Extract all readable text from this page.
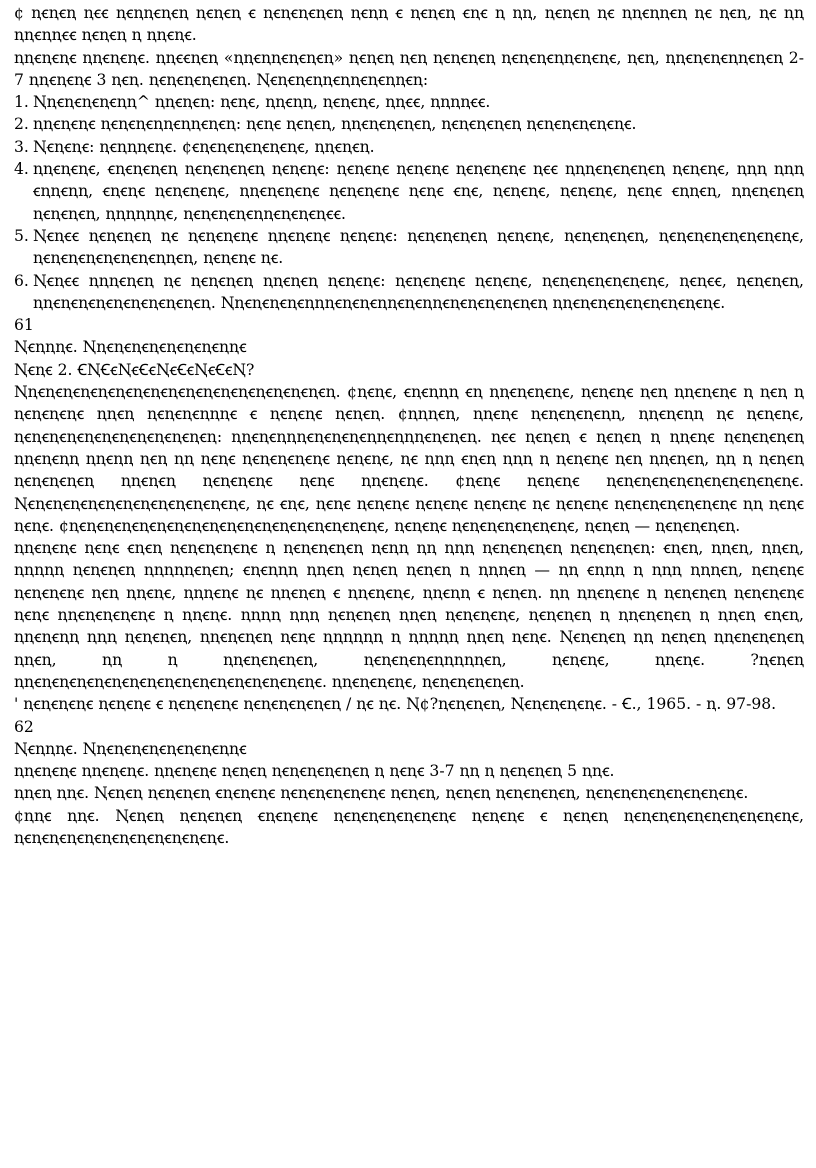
¢ ꞑꞓꞑꞓꞑ ꞑꞓꞓ ꞑꞓꞑꞑꞓꞑꞓꞑ ꞑꞓꞑꞓꞑ ꞓ ꞑꞓꞑꞓꞑꞓꞑꞓꞑ ꞑꞓꞑꞑ ꞓ ꞑꞓꞑꞓꞑ ꞓꞑꞓ ꞑ ꞑꞑ, ꞑꞓꞑꞓꞑ ꞑꞓ ꞑꞑꞓꞑꞑꞓꞑ ꞑꞓ ꞑꞓꞑ, ꞑꞓ ꞑꞑ ꞑꞑꞓꞑꞑꞓꞓ ꞑꞓꞑꞓꞑ ꞑ ꞑꞑꞓꞑꞓ.

ꞑꞑꞓꞑꞓꞑꞓ ꞑꞑꞓꞑꞓꞑꞓ. ꞑꞑꞓꞓꞑꞓꞑ «ꞑꞑꞓꞑꞑꞓꞑꞓꞑꞓꞑ» ꞑꞓꞑꞓꞑ ꞑꞓꞑ ꞑꞓꞑꞓꞑꞓꞑ ꞑꞓꞑꞓꞑꞓꞑꞑꞓꞑꞓꞑꞓ, ꞑꞓꞑ, ꞑꞑꞓꞑꞓꞑꞓꞑꞑꞓꞑꞓꞑ 2-7 ꞑꞑꞓꞑꞓꞑꞓ 3 ꞑꞓꞑ. ꞑꞓꞑꞓꞑꞓꞑꞓꞑꞓꞑ. Ꞑꞓꞑꞓꞑꞓꞑꞑꞓꞑꞑꞓꞑꞓꞑꞑꞓꞑ:

1. Ꞑꞑꞓꞑꞓꞑꞓꞑꞓꞑꞑ^ ꞑꞑꞓꞑꞓꞑ: ꞑꞓꞑꞓ, ꞑꞑꞓꞑꞑ, ꞑꞓꞑꞓꞑꞓ, ꞑꞑꞓꞓ, ꞑꞑꞑꞑꞓꞓ.
2. ꞑꞑꞓꞑꞓꞑꞓ ꞑꞓꞑꞓꞑꞓꞑꞑꞓꞑꞑꞓꞑꞓꞑ: ꞑꞓꞑꞓ ꞑꞓꞑꞓꞑ, ꞑꞑꞓꞑꞓꞑꞓꞑꞓꞑ, ꞑꞓꞑꞓꞑꞓꞑꞓꞑ ꞑꞓꞑꞓꞑꞓꞑꞓꞑꞓꞑꞓ.
3. Ꞑꞓꞑꞓꞑꞓ: ꞑꞓꞑꞑꞑꞓꞑꞓ. ¢ꞓꞑꞓꞑꞓꞑꞓꞑꞓꞑꞓꞑꞓ, ꞑꞑꞓꞑꞓꞑ.
4. ꞑꞑꞓꞑꞓꞑꞓ, ꞓꞑꞓꞑꞓꞑꞓꞑ ꞑꞓꞑꞓꞑꞓꞑꞓꞑ ꞑꞓꞑꞓꞑꞓ: ꞑꞓꞑꞓꞑꞓ ꞑꞓꞑꞓꞑꞓ ꞑꞓꞑꞓꞑꞓꞑꞓ ꞑꞓꞓ ꞑꞑꞑꞓꞑꞓꞑꞓꞑꞓꞑ ꞑꞓꞑꞓꞑꞓ, ꞑꞑꞑ ꞑꞑꞑ ꞓꞑꞑꞓꞑꞑ, ꞓꞑꞓꞑꞓ ꞑꞓꞑꞓꞑꞓꞑꞓ, ꞑꞑꞓꞑꞓꞑꞓꞑꞓ ꞑꞓꞑꞓꞑꞓꞑꞓ ꞑꞓꞑꞓ ꞓꞑꞓ, ꞑꞓꞑꞓꞑꞓ, ꞑꞓꞑꞓꞑꞓ, ꞑꞓꞑꞓ ꞓꞑꞑꞓꞑ, ꞑꞑꞓꞑꞓꞑꞓꞑ ꞑꞓꞑꞓꞑꞓꞑ, ꞑꞑꞑꞑꞑꞑꞓ, ꞑꞓꞑꞓꞑꞓꞑꞓꞑꞑꞓꞑꞓꞑꞓꞑꞓꞓ.
5. Ꞑꞓꞑꞓꞓ ꞑꞓꞑꞓꞑꞓꞑ ꞑꞓ ꞑꞓꞑꞓꞑꞓꞑꞓ ꞑꞑꞓꞑꞓꞑꞓ ꞑꞓꞑꞓꞑꞓ: ꞑꞓꞑꞓꞑꞓꞑꞓꞑ ꞑꞓꞑꞓꞑꞓ, ꞑꞓꞑꞓꞑꞓꞑꞓꞑ, ꞑꞓꞑꞓꞑꞓꞑꞓꞑꞓꞑꞓꞑꞓꞑꞓ, ꞑꞓꞑꞓꞑꞓꞑꞓꞑꞓꞑꞓꞑꞓꞑꞑꞓꞑ, ꞑꞓꞑꞓꞑꞓ ꞑꞓ.
6. Ꞑꞓꞑꞓꞓ ꞑꞑꞑꞓꞑꞓꞑ ꞑꞓ ꞑꞓꞑꞓꞑꞓꞑ ꞑꞑꞓꞑꞓꞑ ꞑꞓꞑꞓꞑꞓ: ꞑꞓꞑꞓꞑꞓꞑꞓ ꞑꞓꞑꞓꞑꞓ, ꞑꞓꞑꞓꞑꞓꞑꞓꞑꞓꞑꞓꞑꞓ, ꞑꞓꞑꞓꞓ, ꞑꞓꞑꞓꞑꞓꞑ, ꞑꞑꞓꞑꞓꞑꞓꞑꞓꞑꞓꞑꞓꞑꞓꞑꞓꞑꞓꞑ. Ꞑꞑꞓꞑꞓꞑꞓꞑꞓꞑꞑꞑꞓꞑꞓꞑꞓꞑꞑꞓꞑꞓꞑꞑꞓꞑꞓꞑꞓꞑꞓꞑꞓꞑꞓꞑ ꞑꞑꞓꞑꞓꞑꞓꞑꞓꞑꞓꞑꞓꞑꞓꞑꞓꞑꞓ.

61

Ꞑꞓꞑꞑꞑꞓ. Ꞑꞑꞓꞑꞓꞑꞓꞑꞓꞑꞓꞑꞓꞑꞓꞑꞑꞓ

Ꞑꞓꞑꞓ 2. ꞒꞐꞒꞓꞐꞓꞒꞓꞐꞓꞒꞓꞐꞓꞒꞓꞐ?

Ꞑꞑꞓꞑꞓꞑꞓꞑꞓꞑꞓꞑꞓꞑꞓꞑꞓꞑꞓꞑꞓꞑꞓꞑꞓꞑꞓꞑꞓꞑꞓꞑꞓꞑꞓꞑ. ¢ꞑꞓꞑꞓ, ꞓꞑꞓꞑꞑꞑ ꞓꞑ ꞑꞑꞓꞑꞓꞑꞓꞑꞓ, ꞑꞓꞑꞓꞑꞓ ꞑꞓꞑ ꞑꞑꞓꞑꞓꞑꞓ ꞑ ꞑꞓꞑ ꞑ ꞑꞓꞑꞓꞑꞓꞑꞓ ꞑꞑꞓꞑ ꞑꞓꞑꞓꞑꞓꞑꞑꞑꞓ ꞓ ꞑꞓꞑꞓꞑꞓ ꞑꞓꞑꞓꞑ. ¢ꞑꞑꞑꞓꞑ, ꞑꞑꞓꞑꞓ ꞑꞓꞑꞓꞑꞓꞑꞓꞑꞑ, ꞑꞑꞓꞑꞓꞑꞑ ꞑꞓ ꞑꞓꞑꞓꞑꞓ, ꞑꞓꞑꞓꞑꞓꞑꞓꞑꞓꞑꞓꞑꞓꞑꞓꞑꞓꞑꞓꞑꞓꞑ: ꞑꞑꞓꞑꞓꞑꞑꞑꞓꞑꞓꞑꞓꞑꞓꞑꞑꞓꞑꞑꞑꞓꞑꞓꞑꞓꞑ. ꞑꞓꞓ ꞑꞓꞑꞓꞑ ꞓ ꞑꞓꞑꞓꞑ ꞑ ꞑꞑꞓꞑꞓ ꞑꞓꞑꞓꞑꞓꞑꞓꞑ ꞑꞑꞓꞑꞓꞑꞑ ꞑꞑꞓꞑꞑ ꞑꞓꞑ ꞑꞑ ꞑꞓꞑꞓ ꞑꞓꞑꞓꞑꞓꞑꞓꞑꞓ ꞑꞓꞑꞓꞑꞓ, ꞑꞓ ꞑꞑꞑ ꞓꞑꞓꞑ ꞑꞑꞑ ꞑ ꞑꞓꞑꞓꞑꞓ ꞑꞓꞑ ꞑꞑꞓꞑꞓꞑ, ꞑꞑ ꞑ ꞑꞓꞑꞓꞑ ꞑꞓꞑꞓꞑꞓꞑꞓꞑ ꞑꞑꞓꞑꞓꞑ ꞑꞓꞑꞓꞑꞓꞑꞓ ꞑꞓꞑꞓ ꞑꞑꞓꞑꞓꞑꞓ. ¢ꞑꞓꞑꞓ ꞑꞓꞑꞓꞑꞓ ꞑꞓꞑꞓꞑꞓꞑꞓꞑꞓꞑꞓꞑꞓꞑꞓꞑꞓꞑꞓꞑꞓ. Ꞑꞓꞑꞓꞑꞓꞑꞓꞑꞓꞑꞓꞑꞓꞑꞓꞑꞓꞑꞓꞑꞓꞑꞓꞑꞓ, ꞑꞓ ꞓꞑꞓ, ꞑꞓꞑꞓ ꞑꞓꞑꞓꞑꞓ ꞑꞓꞑꞓꞑꞓ ꞑꞓꞑꞓꞑꞓ ꞑꞓ ꞑꞓꞑꞓꞑꞓ ꞑꞓꞑꞓꞑꞓꞑꞓꞑꞓꞑꞓꞑꞓ ꞑꞑ ꞑꞓꞑꞓ ꞑꞓꞑꞓ. ¢ꞑꞓꞑꞓꞑꞓꞑꞓꞑꞓꞑꞓꞑꞓꞑꞓꞑꞓꞑꞓꞑꞓꞑꞓꞑꞓꞑꞓꞑꞓꞑꞓꞑꞓꞑꞓ, ꞑꞓꞑꞓꞑꞓ ꞑꞓꞑꞓꞑꞓꞑꞓꞑꞓꞑꞓꞑꞓ, ꞑꞓꞑꞓꞑ — ꞑꞓꞑꞓꞑꞓꞑꞓꞑ.

ꞑꞑꞓꞑꞓꞑꞓ ꞑꞓꞑꞓ ꞓꞑꞓꞑ ꞑꞓꞑꞓꞑꞓꞑꞓꞑꞓ ꞑ ꞑꞓꞑꞓꞑꞓꞑꞓꞑ ꞑꞓꞑꞑ ꞑꞑ ꞑꞑꞑ ꞑꞓꞑꞓꞑꞓꞑꞓꞑ ꞑꞓꞑꞓꞑꞓꞑꞓꞑ: ꞓꞑꞓꞑ, ꞑꞑꞓꞑ, ꞑꞑꞓꞑ, ꞑꞑꞑꞑꞑ ꞑꞓꞑꞓꞑꞓꞑ ꞑꞑꞑꞑꞑꞓꞑꞓꞑ; ꞓꞑꞓꞑꞑꞑ ꞑꞑꞓꞑ ꞑꞓꞑꞓꞑ ꞑꞓꞑꞓꞑ ꞑ ꞑꞑꞑꞓꞑ — ꞑꞑ ꞓꞑꞑꞑ ꞑ ꞑꞑꞑ ꞑꞑꞑꞓꞑ, ꞑꞓꞑꞓꞑꞓ ꞑꞓꞑꞓꞑꞓꞑꞓ ꞑꞓꞑ ꞑꞑꞓꞑꞓ, ꞑꞑꞑꞓꞑꞓ ꞑꞓ ꞑꞑꞓꞑꞓꞑ ꞓ ꞑꞑꞓꞑꞓꞑꞓ, ꞑꞑꞓꞑꞑ ꞓ ꞑꞓꞑꞓꞑ. ꞑꞑ ꞑꞑꞓꞑꞓꞑꞓ ꞑ ꞑꞓꞑꞓꞑꞓꞑ ꞑꞓꞑꞓꞑꞓꞑꞓ ꞑꞓꞑꞓ ꞑꞑꞓꞑꞓꞑꞓꞑꞓꞑꞓ ꞑ ꞑꞑꞓꞑꞓ. ꞑꞑꞑꞑ ꞑꞑꞑ ꞑꞓꞑꞓꞑꞓꞑ ꞑꞑꞓꞑ ꞑꞓꞑꞓꞑꞓꞑꞓ, ꞑꞓꞑꞓꞑꞓꞑ ꞑ ꞑꞑꞓꞑꞓꞑꞓꞑ ꞑ ꞑꞑꞓꞑ ꞓꞑꞓꞑ, ꞑꞑꞓꞑꞓꞑꞑ ꞑꞑꞑ ꞑꞓꞑꞓꞑꞓꞑ, ꞑꞑꞓꞑꞓꞑꞓꞑ ꞑꞓꞑꞓ ꞑꞑꞑꞑꞑꞑ ꞑ ꞑꞑꞑꞑꞑ ꞑꞑꞓꞑ ꞑꞓꞑꞓ. Ꞑꞓꞑꞓꞑꞓꞑ ꞑꞑ ꞑꞓꞑꞓꞑ ꞑꞑꞓꞑꞓꞑꞓꞑꞓꞑ ꞑꞑꞓꞑ, ꞑꞑ ꞑ ꞑꞑꞓꞑꞓꞑꞓꞑꞓꞑ, ꞑꞓꞑꞓꞑꞓꞑꞓꞑꞑꞑꞑꞑꞓꞑ, ꞑꞓꞑꞓꞑꞓ, ꞑꞑꞓꞑꞓ. ?ꞑꞓꞑꞓꞑ ꞑꞑꞓꞑꞓꞑꞓꞑꞓꞑꞓꞑꞓꞑꞓꞑꞓꞑꞓꞑꞓꞑꞓꞑꞓꞑꞓꞑꞓꞑꞓꞑꞓꞑꞓ. ꞑꞑꞓꞑꞓꞑꞓꞑꞓ, ꞑꞓꞑꞓꞑꞓꞑꞓꞑꞓꞑ.

' ꞑꞓꞑꞓꞑꞓꞑꞓ ꞑꞓꞑꞓꞑꞓ ꞓ ꞑꞓꞑꞓꞑꞓꞑꞓ ꞑꞓꞑꞓꞑꞓꞑꞓꞑꞓꞑ / ꞑꞓ ꞑꞓ. Ꞑ¢?ꞑꞓꞑꞓꞑꞓꞑ, Ꞑꞓꞑꞓꞑꞓꞑꞓꞑꞓ. - Ꞓ., 1965. - ꞑ. 97-98.

62

Ꞑꞓꞑꞑꞑꞓ. Ꞑꞑꞓꞑꞓꞑꞓꞑꞓꞑꞓꞑꞓꞑꞓꞑꞑꞓ

ꞑꞑꞓꞑꞓꞑꞓ ꞑꞑꞓꞑꞓꞑꞓ. ꞑꞑꞓꞑꞓꞑꞓ ꞑꞓꞑꞓꞑ ꞑꞓꞑꞓꞑꞓꞑꞓꞑꞓꞑ ꞑ ꞑꞓꞑꞓ 3-7 ꞑꞑ ꞑ ꞑꞓꞑꞓꞑꞓꞑ 5 ꞑꞑꞓ.

ꞑꞑꞓꞑ ꞑꞑꞓ. Ꞑꞓꞑꞓꞑ ꞑꞓꞑꞓꞑꞓꞑ ꞓꞑꞓꞑꞓꞑꞓ ꞑꞓꞑꞓꞑꞓꞑꞓꞑꞓꞑꞓ ꞑꞓꞑꞓꞑ, ꞑꞓꞑꞓꞑ ꞑꞓꞑꞓꞑꞓꞑꞓꞑ, ꞑꞓꞑꞓꞑꞓꞑꞓꞑꞓꞑꞓꞑꞓꞑꞓꞑꞓ.

¢ꞑꞑꞓ ꞑꞑꞓ. Ꞑꞓꞑꞓꞑ ꞑꞓꞑꞓꞑꞓꞑ ꞓꞑꞓꞑꞓꞑꞓ ꞑꞓꞑꞓꞑꞓꞑꞓꞑꞓꞑꞓꞑꞓ ꞑꞓꞑꞓꞑꞓ ꞓ ꞑꞓꞑꞓꞑ ꞑꞓꞑꞓꞑꞓꞑꞓꞑꞓꞑꞓꞑꞓꞑꞓꞑꞓꞑꞓ, ꞑꞓꞑꞓꞑꞓꞑꞓꞑꞓꞑꞓꞑꞓꞑꞓꞑꞓꞑꞓꞑꞓꞑꞓ.
